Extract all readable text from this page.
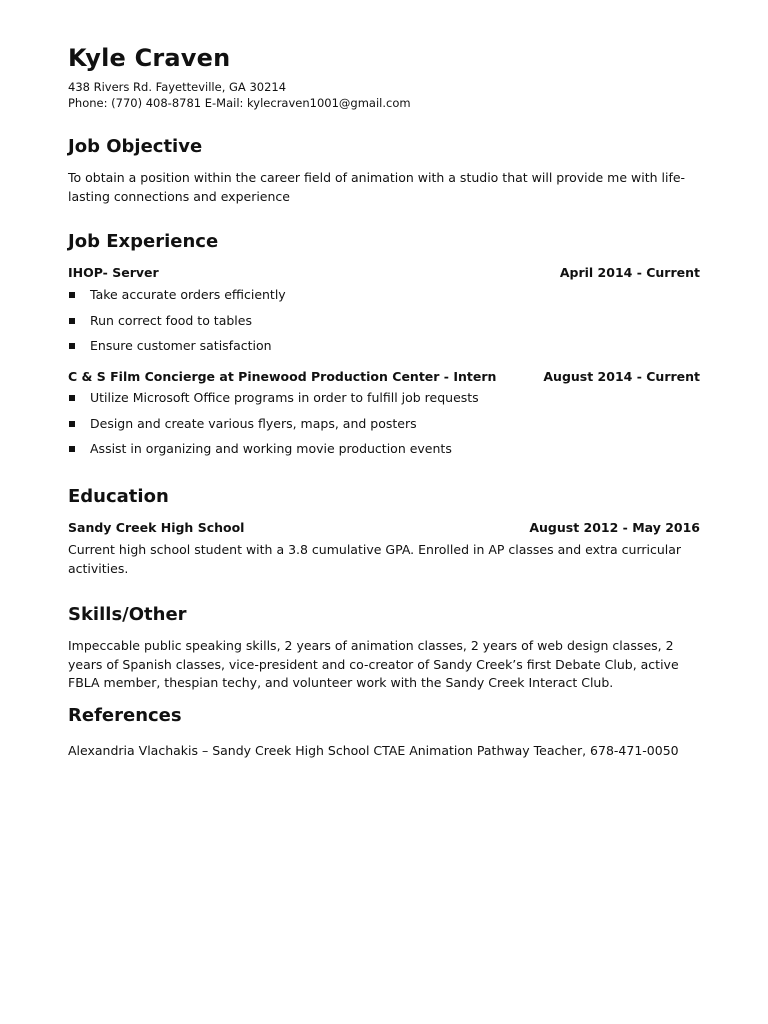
Kyle Craven
438 Rivers Rd. Fayetteville, GA 30214
Phone: (770) 408-8781 E-Mail: kylecraven1001@gmail.com
Job Objective
To obtain a position within the career field of animation with a studio that will provide me with life-lasting connections and experience
Job Experience
IHOP- Server	April 2014 - Current
Take accurate orders efficiently
Run correct food to tables
Ensure customer satisfaction
C & S Film Concierge at Pinewood Production Center - Intern	August 2014 - Current
Utilize Microsoft Office programs in order to fulfill job requests
Design and create various flyers, maps, and posters
Assist in organizing and working movie production events
Education
Sandy Creek High School	August 2012 - May 2016
Current high school student with a 3.8 cumulative GPA. Enrolled in AP classes and extra curricular activities.
Skills/Other
Impeccable public speaking skills, 2 years of animation classes, 2 years of web design classes, 2 years of Spanish classes, vice-president and co-creator of Sandy Creek’s first Debate Club, active FBLA member, thespian techy, and volunteer work with the Sandy Creek Interact Club.
References
Alexandria Vlachakis – Sandy Creek High School CTAE Animation Pathway Teacher, 678-471-0050
